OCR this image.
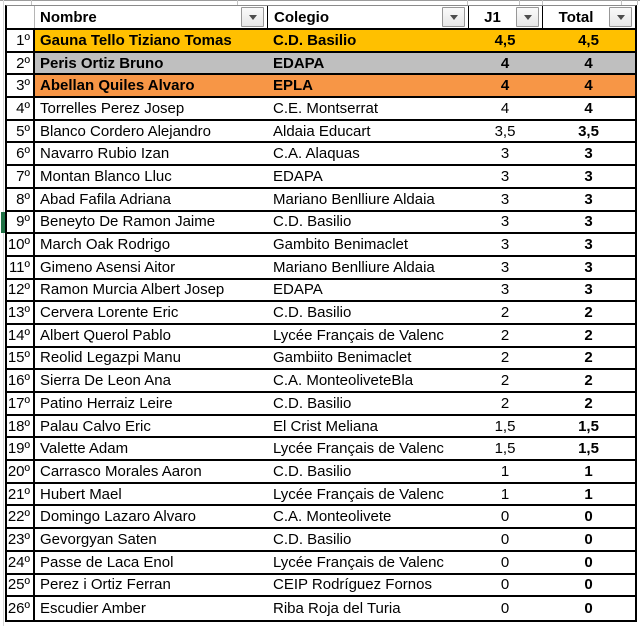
Nombre	Colegio	J1	Total
1º Gauna Tello Tiziano Tomas	C.D. Basilio	4,5	4,5
2º Peris Ortiz Bruno	EDAPA	4	4
3º Abellan Quiles Alvaro	EPLA	4	4
4º Torrelles Perez Josep	C.E. Montserrat	4	4
5º Blanco Cordero Alejandro	Aldaia Educart	3,5	3,5
6º Navarro Rubio Izan	C.A. Alaquas	3	3
7º Montan Blanco Lluc	EDAPA	3	3
8º Abad Fafila Adriana	Mariano Benlliure Aldaia	3	3
9º Beneyto De Ramon Jaime	C.D. Basilio	3	3
10º March Oak Rodrigo	Gambito Benimaclet	3	3
11º Gimeno Asensi Aitor	Mariano Benlliure Aldaia	3	3
12º Ramon Murcia Albert Josep	EDAPA	3	3
13º Cervera Lorente Eric	C.D. Basilio	2	2
14º Albert Querol Pablo	Lycée Français de Valenc	2	2
15º Reolid Legazpi Manu	Gambiito Benimaclet	2	2
16º Sierra De Leon Ana	C.A. MonteoliveteBla	2	2
17º Patino Herraiz Leire	C.D. Basilio	2	2
18º Palau Calvo Eric	El Crist Meliana	1,5	1,5
19º Valette Adam	Lycée Français de Valenc	1,5	1,5
20º Carrasco Morales Aaron	C.D. Basilio	1	1
21º Hubert Mael	Lycée Français de Valenc	1	1
22º Domingo Lazaro Alvaro	C.A. Monteolivete	0	0
23º Gevorgyan Saten	C.D. Basilio	0	0
24º Passe de Laca Enol	Lycée Français de Valenc	0	0
25º Perez i Ortiz Ferran	CEIP Rodríguez Fornos	0	0
26º Escudier Amber	Riba Roja del Turia	0	0
